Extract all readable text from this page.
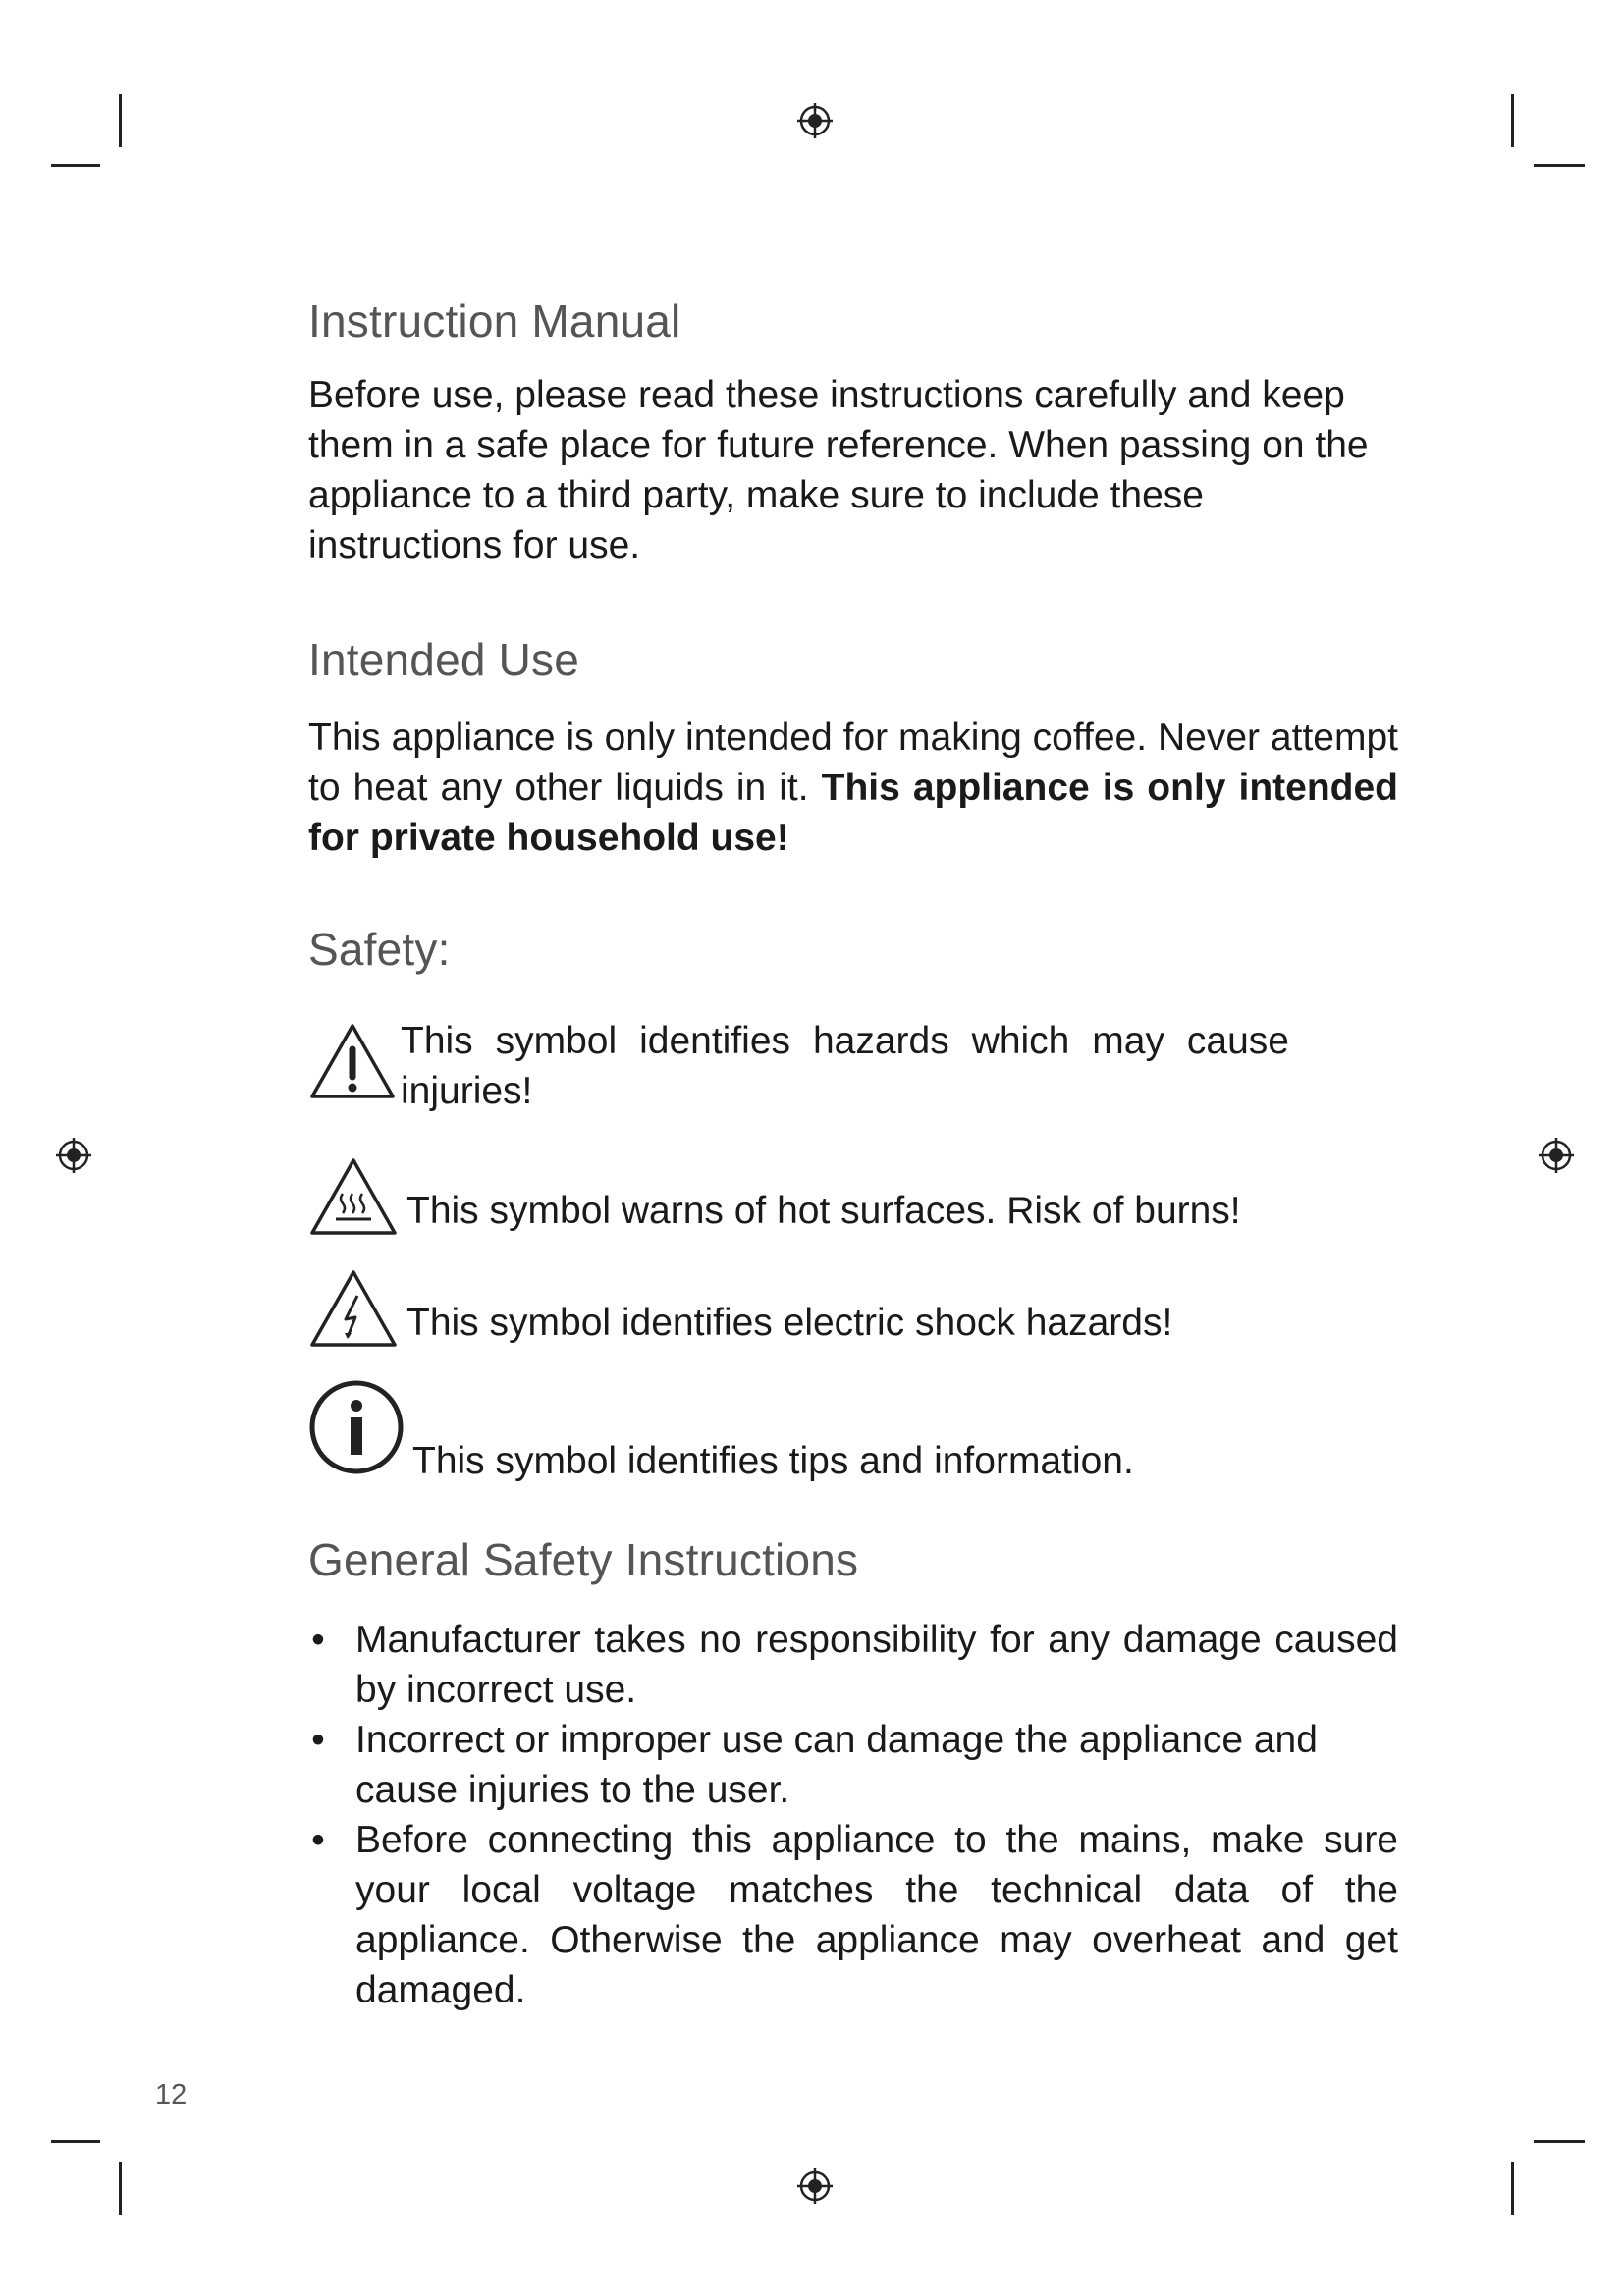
Instruction Manual

Before use, please read these instructions carefully and keep them in a safe place for future reference. When passing on the appliance to a third party, make sure to include these instructions for use.

Intended Use

This appliance is only intended for making coffee. Never attempt to heat any other liquids in it. This appliance is only intended for private household use!

Safety:
This symbol identifies hazards which may cause injuries!
This symbol warns of hot surfaces. Risk of burns!
This symbol identifies electric shock hazards!
This symbol identifies tips and information.
General Safety Instructions
• Manufacturer takes no responsibility for any damage caused by incorrect use.
• Incorrect or improper use can damage the appliance and cause injuries to the user.
• Before connecting this appliance to the mains, make sure your local voltage matches the technical data of the appliance. Otherwise the appliance may overheat and get damaged.
12
